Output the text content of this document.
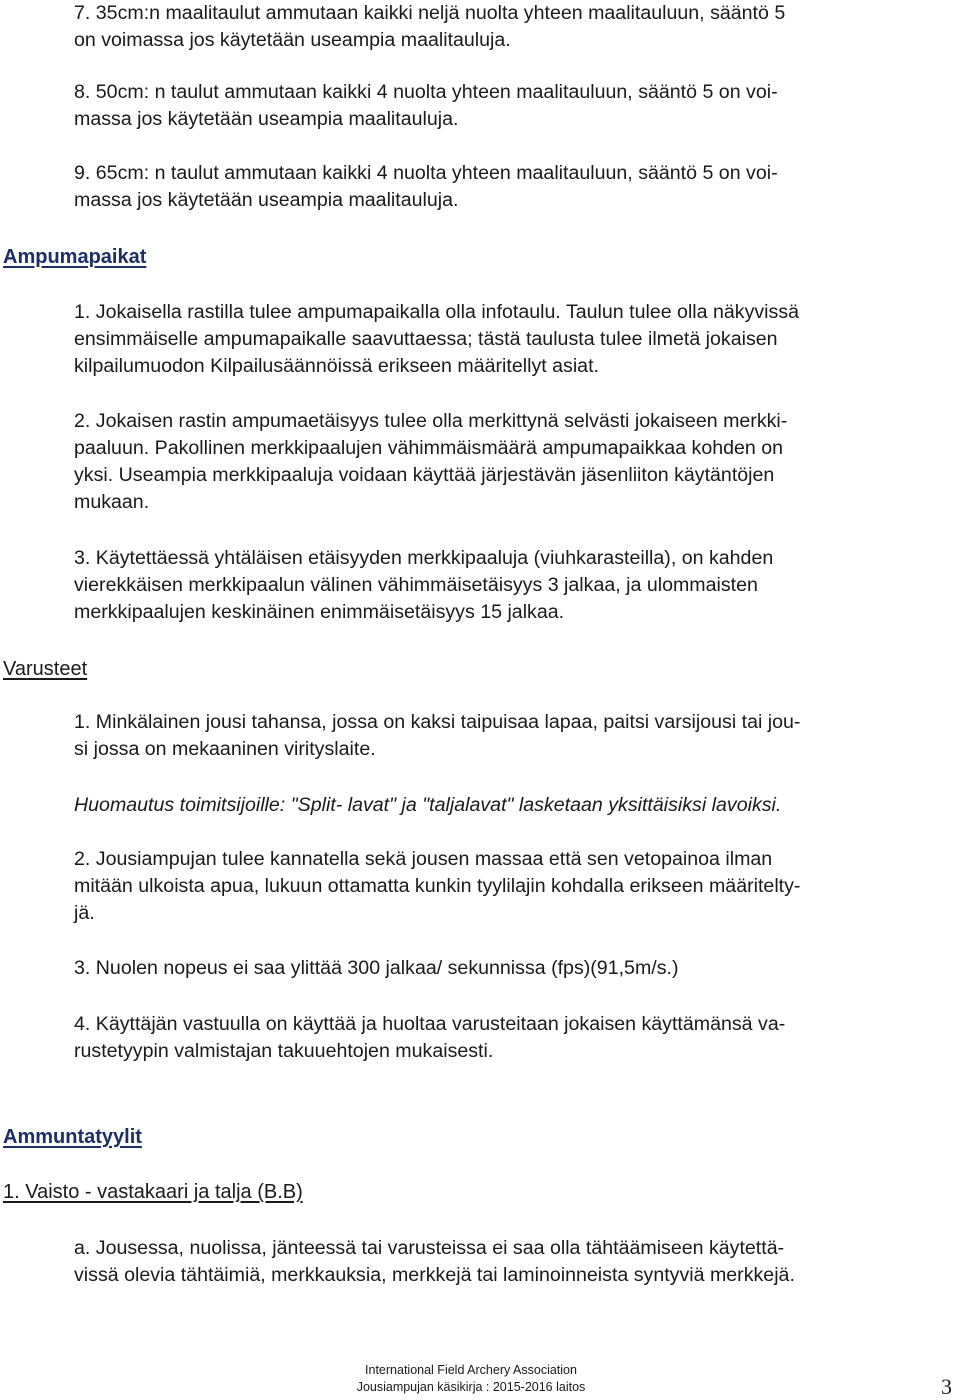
7. 35cm:n maalitaulut ammutaan kaikki neljä nuolta yhteen maalitauluun, sääntö 5
on voimassa jos käytetään useampia maalitauluja.
8. 50cm: n taulut ammutaan kaikki 4 nuolta yhteen maalitauluun, sääntö 5 on voi-
massa jos käytetään useampia maalitauluja.
9. 65cm: n taulut ammutaan kaikki 4 nuolta yhteen maalitauluun, sääntö 5 on voi-
massa jos käytetään useampia maalitauluja.
Ampumapaikat
1. Jokaisella rastilla tulee ampumapaikalla olla infotaulu. Taulun tulee olla näkyvissä
ensimmäiselle ampumapaikalle saavuttaessa; tästä taulusta tulee ilmetä jokaisen
kilpailumuodon Kilpailusäännöissä erikseen määritellyt asiat.
2. Jokaisen rastin ampumaetäisyys tulee olla merkittynä selvästi jokaiseen merkki-
paaluun. Pakollinen merkkipaalujen vähimmäismäärä ampumapaikkaa kohden on
yksi. Useampia merkkipaaluja voidaan käyttää järjestävän jäsenliiton käytäntöjen
mukaan.
3. Käytettäessä yhtäläisen etäisyyden merkkipaaluja (viuhkarasteilla), on kahden
vierekkäisen merkkipaalun välinen vähimmäisetäisyys 3 jalkaa, ja ulommaisten
merkkipaalujen keskinäinen enimmäisetäisyys 15 jalkaa.
Varusteet
1. Minkälainen jousi tahansa, jossa on kaksi taipuisaa lapaa, paitsi varsijousi tai jou-
si jossa on mekaaninen virityslaite.
Huomautus toimitsijoille: "Split- lavat" ja "taljalavat" lasketaan yksittäisiksi lavoiksi.
2. Jousiampujan tulee kannatella sekä jousen massaa että sen vetopainoa ilman
mitään ulkoista apua, lukuun ottamatta kunkin tyylilajin kohdalla erikseen määritelty-
jä.
3. Nuolen nopeus ei saa ylittää 300 jalkaa/ sekunnissa (fps)(91,5m/s.)
4. Käyttäjän vastuulla on käyttää ja huoltaa varusteitaan jokaisen käyttämänsä va-
rustetyypin valmistajan takuuehtojen mukaisesti.
Ammuntatyylit
1. Vaisto - vastakaari ja talja (B.B)
a. Jousessa, nuolissa, jänteessä tai varusteissa ei saa olla tähtäämiseen käytettä-
vissä olevia tähtäimiä, merkkauksia, merkkejä tai laminoinneista syntyviä merkkejä.
International Field Archery Association
Jousiampujan käsikirja : 2015-2016 laitos	3
